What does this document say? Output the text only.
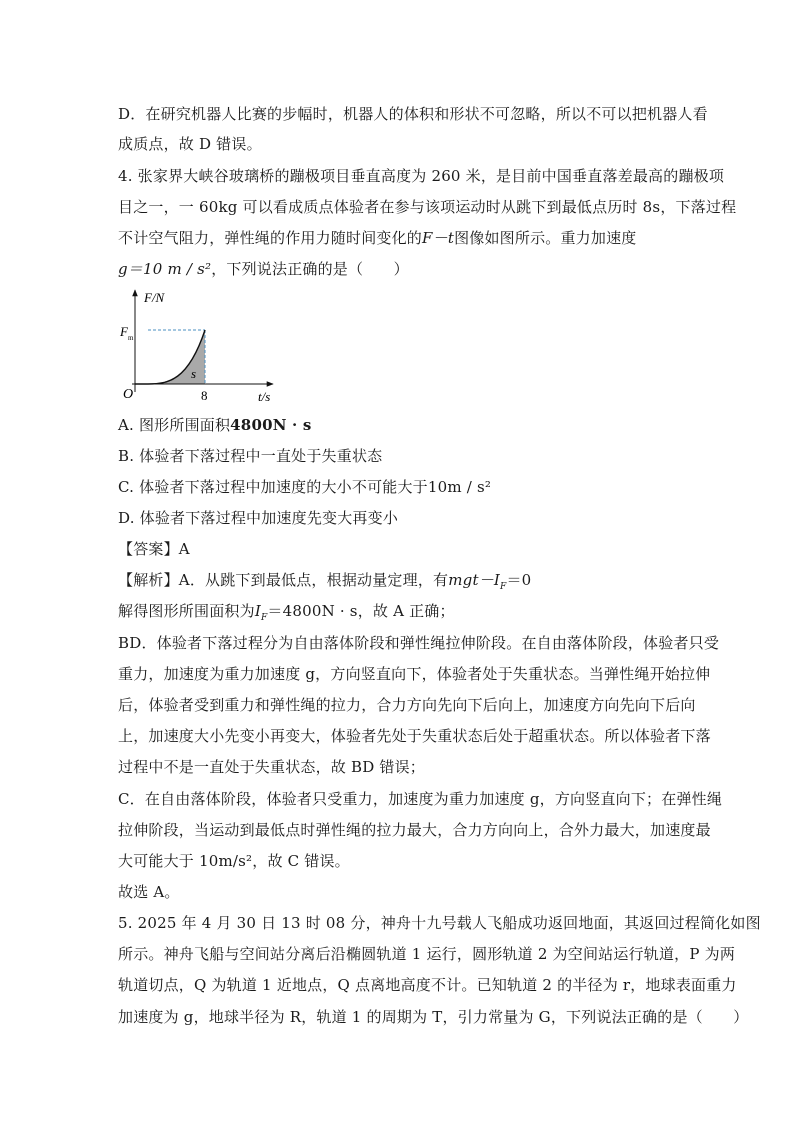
D．在研究机器人比赛的步幅时，机器人的体积和形状不可忽略，所以不可以把机器人看
成质点，故 D 错误。
4. 张家界大峡谷玻璃桥的蹦极项目垂直高度为 260 米，是目前中国垂直落差最高的蹦极项
目之一，一 60kg 可以看成质点体验者在参与该项运动时从跳下到最低点历时 8s，下落过程
不计空气阻力，弹性绳的作用力随时间变化的F－t图像如图所示。重力加速度
g＝10 m / s²，下列说法正确的是（　　）
F/N
t/s
O
F m
8
s
A. 图形所围面积4800N · s
B. 体验者下落过程中一直处于失重状态
C. 体验者下落过程中加速度的大小不可能大于10m / s²
D. 体验者下落过程中加速度先变大再变小
【答案】A
【解析】A．从跳下到最低点，根据动量定理，有$mgt-I_F=0$
解得图形所围面积为$I_F=4800N \cdot s$，故 A 正确；
BD．体验者下落过程分为自由落体阶段和弹性绳拉伸阶段。在自由落体阶段，体验者只受
重力，加速度为重力加速度 g，方向竖直向下，体验者处于失重状态。当弹性绳开始拉伸
后，体验者受到重力和弹性绳的拉力，合力方向先向下后向上，加速度方向先向下后向
上，加速度大小先变小再变大，体验者先处于失重状态后处于超重状态。所以体验者下落
过程中不是一直处于失重状态，故 BD 错误；
C．在自由落体阶段，体验者只受重力，加速度为重力加速度 g，方向竖直向下；在弹性绳
拉伸阶段，当运动到最低点时弹性绳的拉力最大，合力方向向上，合外力最大，加速度最
大可能大于 10m/s²，故 C 错误。
故选 A。
5. 2025 年 4 月 30 日 13 时 08 分，神舟十九号载人飞船成功返回地面，其返回过程简化如图
所示。神舟飞船与空间站分离后沿椭圆轨道 1 运行，圆形轨道 2 为空间站运行轨道，P 为两
轨道切点，Q 为轨道 1 近地点，Q 点离地高度不计。已知轨道 2 的半径为 r，地球表面重力
加速度为 g，地球半径为 R，轨道 1 的周期为 T，引力常量为 G，下列说法正确的是（　　）
